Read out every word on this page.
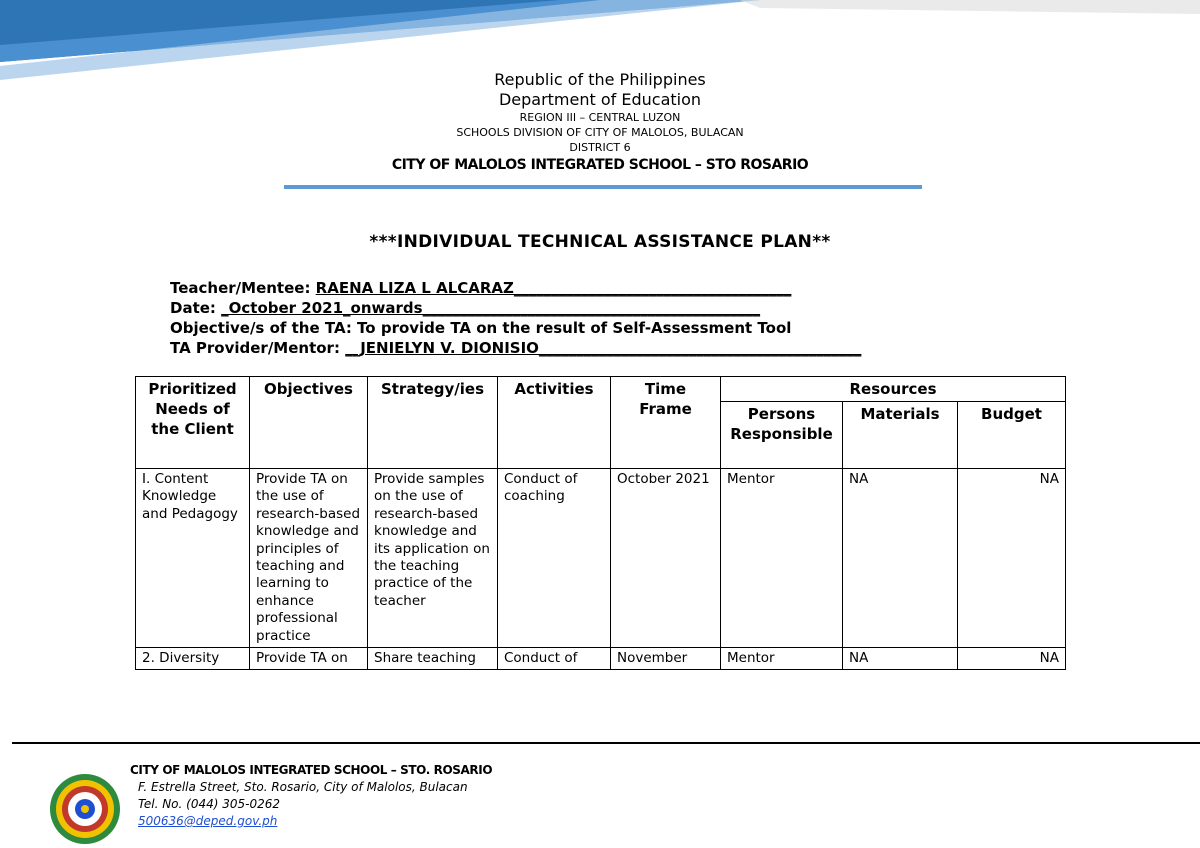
Republic of the Philippines
Department of Education
REGION III – CENTRAL LUZON
SCHOOLS DIVISION OF CITY OF MALOLOS, BULACAN
DISTRICT 6
CITY OF MALOLOS INTEGRATED SCHOOL – STO ROSARIO
***INDIVIDUAL TECHNICAL ASSISTANCE PLAN**
Teacher/Mentee: RAENA LIZA L ALCARAZ_____________________________________
Date: _October 2021_onwards_____________________________________________
Objective/s of the TA: To provide TA on the result of Self-Assessment Tool
TA Provider/Mentor: __JENIELYN V. DIONISIO___________________________________________
Prioritized Needs of the Client	Objectives	Strategy/ies	Activities	Time Frame	Resources		
					Persons Responsible	Materials	Budget
I. Content Knowledge and Pedagogy	Provide TA on the use of research-based knowledge and principles of teaching and learning to enhance professional practice	Provide samples on the use of research-based knowledge and its application on the teaching practice of the teacher	Conduct of coaching	October 2021	Mentor	NA	NA
2. Diversity	Provide TA on	Share teaching	Conduct of	November	Mentor	NA	NA
CITY OF MALOLOS INTEGRATED SCHOOL – STO. ROSARIO
F. Estrella Street, Sto. Rosario, City of Malolos, Bulacan
Tel. No. (044) 305-0262
500636@deped.gov.ph
